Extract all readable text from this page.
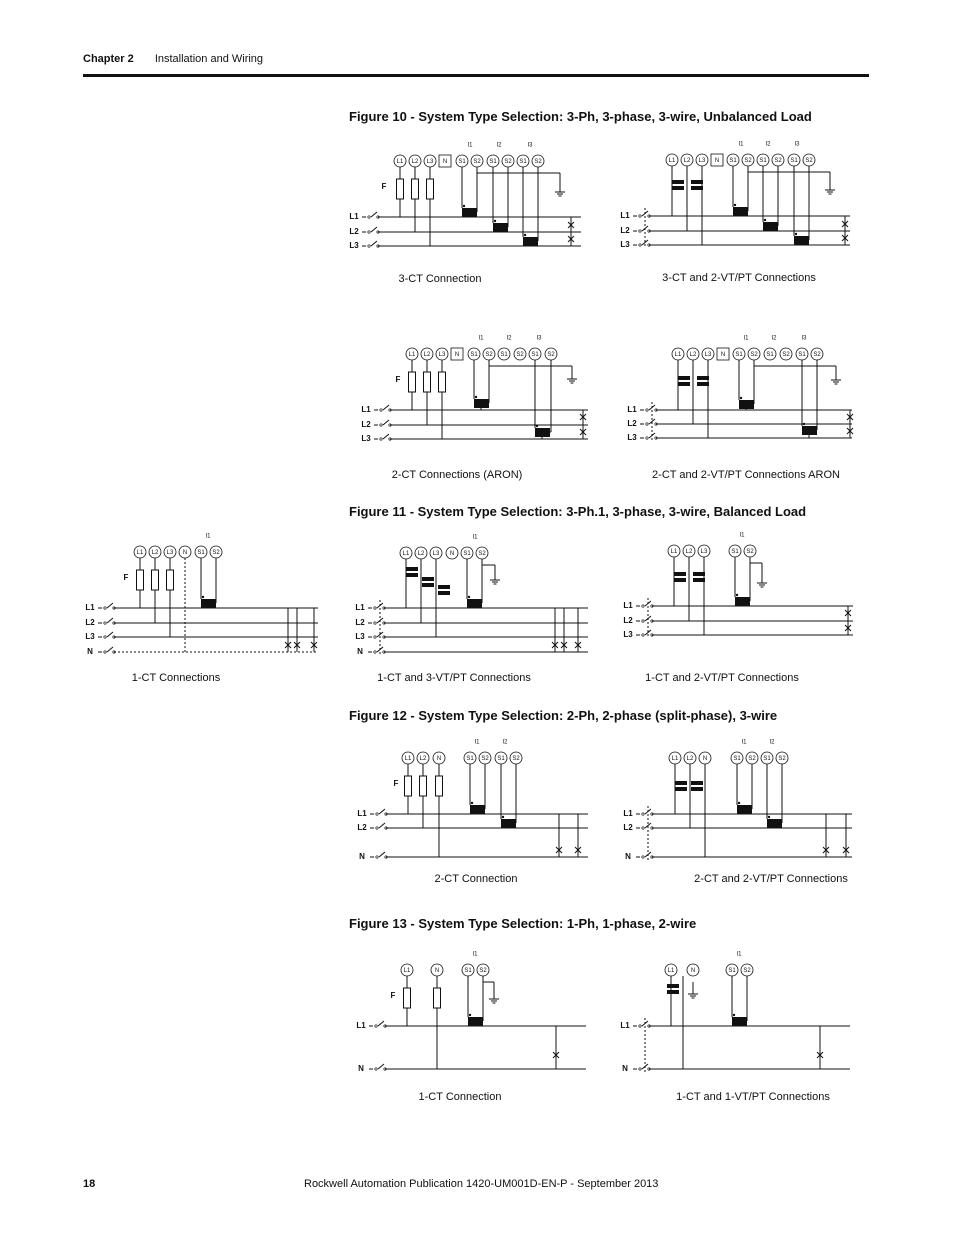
Chapter 2 Installation and Wiring
Figure 10 - System Type Selection: 3-Ph, 3-phase, 3-wire, Unbalanced Load
Figure 11 - System Type Selection: 3-Ph.1, 3-phase, 3-wire, Balanced Load
Figure 12 - System Type Selection: 2-Ph, 2-phase (split-phase), 3-wire
Figure 13 - System Type Selection: 1-Ph, 1-phase, 2-wire
3-CT Connection	3-CT and 2-VT/PT Connections
2-CT Connections (ARON)	2-CT and 2-VT/PT Connections ARON
1-CT Connections	1-CT and 3-VT/PT Connections	1-CT and 2-VT/PT Connections
2-CT Connection	2-CT and 2-VT/PT Connections
1-CT Connection	1-CT and 1-VT/PT Connections
I1	I2	I3
L1
L2
L3
F
L1 L2 L3 N S1 S2 S1 S2 S1 S2
I1	I2	I3
L1
L2
L3
L1 L2 L3 N S1 S2 S1 S2 S1 S2
I1	I2	I3
L1
L2
L3
F
L1 L2 L3 N S1 S2 S1 S2 S1 S2
I1	I2	I3
L1
L2
L3
L1 L2 L3 N S1 S2 S1 S2 S1 S2
I1
L1
L2
L3
N
F
L1 L2 L3 N S1 S2
I1
L1
L2
L3
N
L1 L2 L3 N S1 S2
I1
L1
L2
L3
L1 L2 L3	S1 S2
I1	I2
L1
L2
N
F
L1 L2 N	S1 S2 S1 S2
I1	I2
L1
L2
N
L1 L2 N	S1 S2 S1 S2
I1
L1
N
F
L1	N	S1 S2
I1
L1
N
L1	N	S1 S2
18	Rockwell Automation Publication 1420-UM001D-EN-P - September 2013
